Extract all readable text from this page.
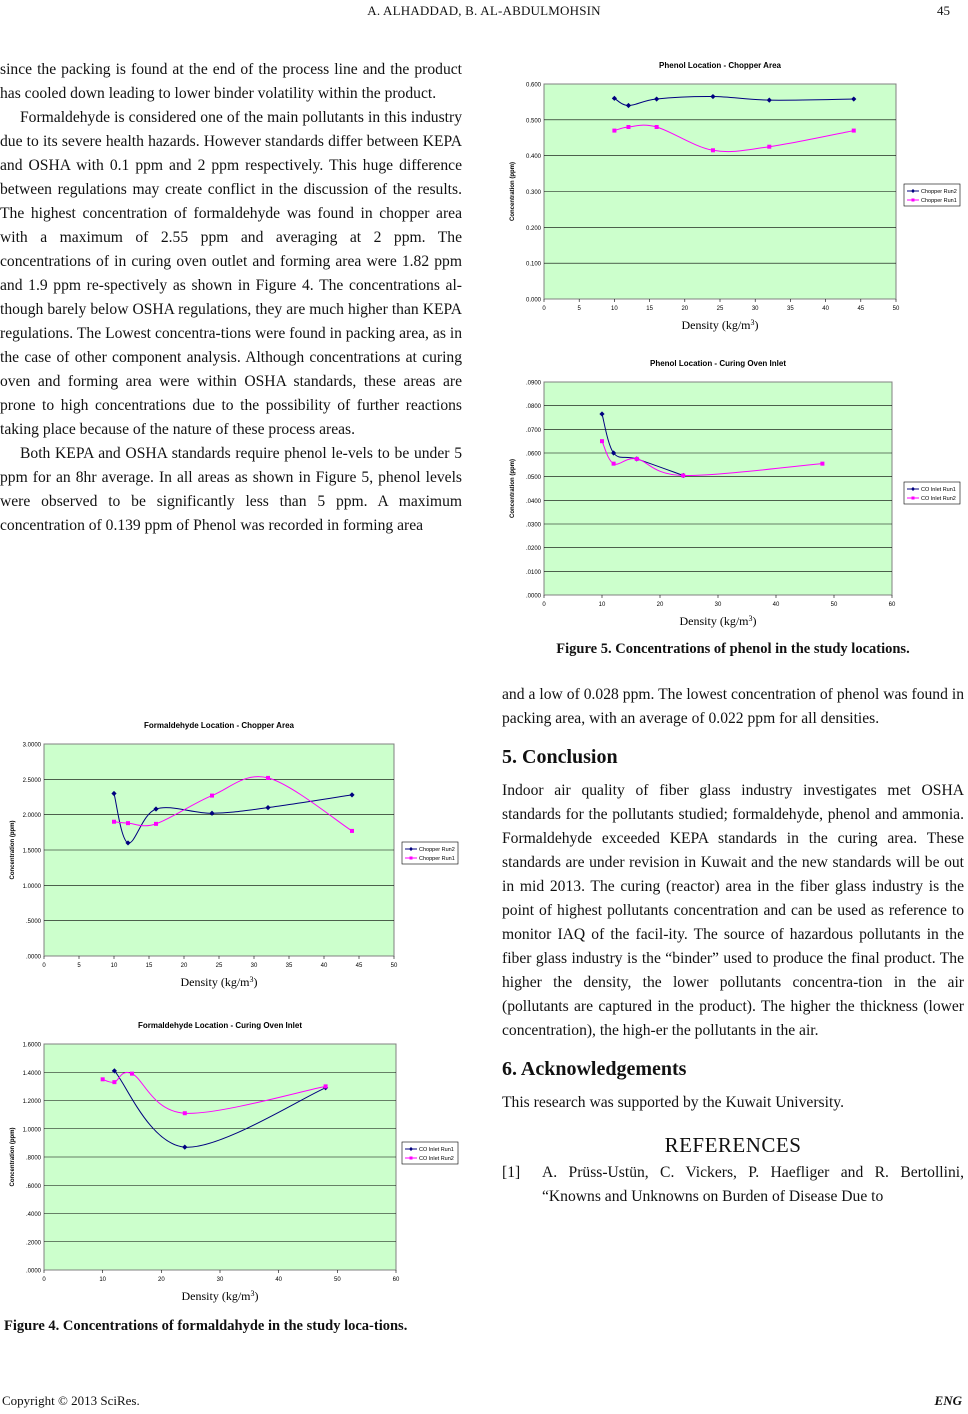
A. ALHADDAD, B. AL-ABDULMOHSIN	45

since the packing is found at the end of the process line and the product has cooled down leading to lower binder volatility within the product.

Formaldehyde is considered one of the main pollutants in this industry due to its severe health hazards. However standards differ between KEPA and OSHA with 0.1 ppm and 2 ppm respectively. This huge difference between regulations may create conflict in the discussion of the results. The highest concentration of formaldehyde was found in chopper area with a maximum of 2.55 ppm and averaging at 2 ppm. The concentrations of in curing oven outlet and forming area were 1.82 ppm and 1.9 ppm re-spectively as shown in Figure 4. The concentrations al-though barely below OSHA regulations, they are much higher than KEPA regulations. The Lowest concentra-tions were found in packing area, as in the case of other component analysis. Although concentrations at curing oven and forming area were within OSHA standards, these areas are prone to high concentrations due to the possibility of further reactions taking place because of the nature of these process areas.

Both KEPA and OSHA standards require phenol le-vels to be under 5 ppm for an 8hr average. In all areas as shown in Figure 5, phenol levels were observed to be significantly less than 5 ppm. A maximum concentration of 0.139 ppm of Phenol was recorded in forming area

Phenol Location - Chopper Area
0.000
0.100
0.200
0.300
0.400
0.500
0.600
0	5	10	15	20	25	30	35	40	45	50
Concentration (ppm)
Density $(kg/m^3)$
Chopper Run2
Chopper Run1
Phenol Location - Curing Oven Inlet
.0000
.0100
.0200
.0300
.0400
.0500
.0600
.0700
.0800
.0900
0	10	20	30	40	50	60
Concentration (ppm)
Density $(kg/m^3)$
CO Inlet Run1
CO Inlet Run2
Formaldehyde Location - Chopper Area
.0000
.5000
1.0000
1.5000
2.0000
2.5000
3.0000
0	5	10	15	20	25	30	35	40	45	50
Concentration (ppm)
Density $(kg/m^3)$
Chopper Run2
Chopper Run1
Formaldehyde Location - Curing Oven Inlet
.0000
.2000
.4000
.6000
.8000
1.0000
1.2000
1.4000
1.6000
0	10	20	30	40	50	60
Concentration (ppm)
Density $(kg/m^3)$
CO Inlet Run1
CO Inlet Run2
Figure 5. Concentrations of phenol in the study locations.
Figure 4. Concentrations of formaldahyde in the study loca-tions.

and a low of 0.028 ppm. The lowest concentration of phenol was found in packing area, with an average of 0.022 ppm for all densities.

5. Conclusion

Indoor air quality of fiber glass industry investigates met OSHA standards for the pollutants studied; formaldehyde, phenol and ammonia. Formaldehyde exceeded KEPA standards in the curing area. These standards are under revision in Kuwait and the new standards will be out in mid 2013. The curing (reactor) area in the fiber glass industry is the point of highest pollutants concentration and can be used as reference to monitor IAQ of the facil-ity. The source of hazardous pollutants in the fiber glass industry is the “binder” used to produce the final product. The higher the density, the lower pollutants concentra-tion in the air (pollutants are captured in the product). The higher the thickness (lower concentration), the high-er the pollutants in the air.

6. Acknowledgements

This research was supported by the Kuwait University.

REFERENCES
[1]	A. Prüss-Ustün, C. Vickers, P. Haefliger and R. Bertollini, “Knowns and Unknowns on Burden of Disease Due to
Copyright © 2013 SciRes.	ENG
